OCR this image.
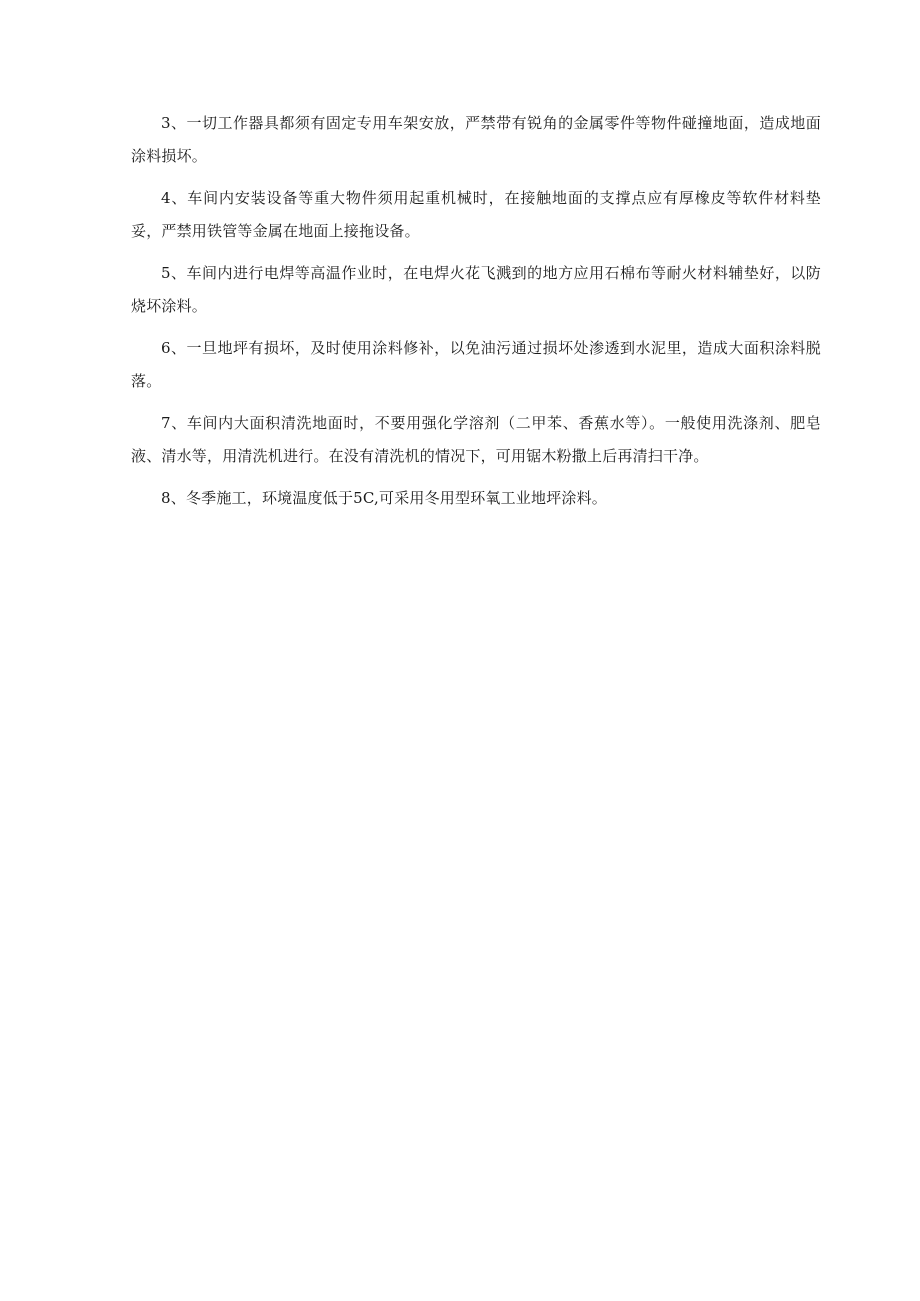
3、一切工作器具都须有固定专用车架安放，严禁带有锐角的金属零件等物件碰撞地面，造成地面涂料损坏。

4、车间内安装设备等重大物件须用起重机械时，在接触地面的支撑点应有厚橡皮等软件材料垫妥，严禁用铁管等金属在地面上接拖设备。

5、车间内进行电焊等高温作业时，在电焊火花飞溅到的地方应用石棉布等耐火材料辅垫好，以防烧坏涂料。

6、一旦地坪有损坏，及时使用涂料修补，以免油污通过损坏处渗透到水泥里，造成大面积涂料脱落。

7、车间内大面积清洗地面时，不要用强化学溶剂（二甲苯、香蕉水等）。一般使用洗涤剂、肥皂液、清水等，用清洗机进行。在没有清洗机的情况下，可用锯木粉撒上后再清扫干净。

8、冬季施工，环境温度低于5C,可采用冬用型环氧工业地坪涂料。
